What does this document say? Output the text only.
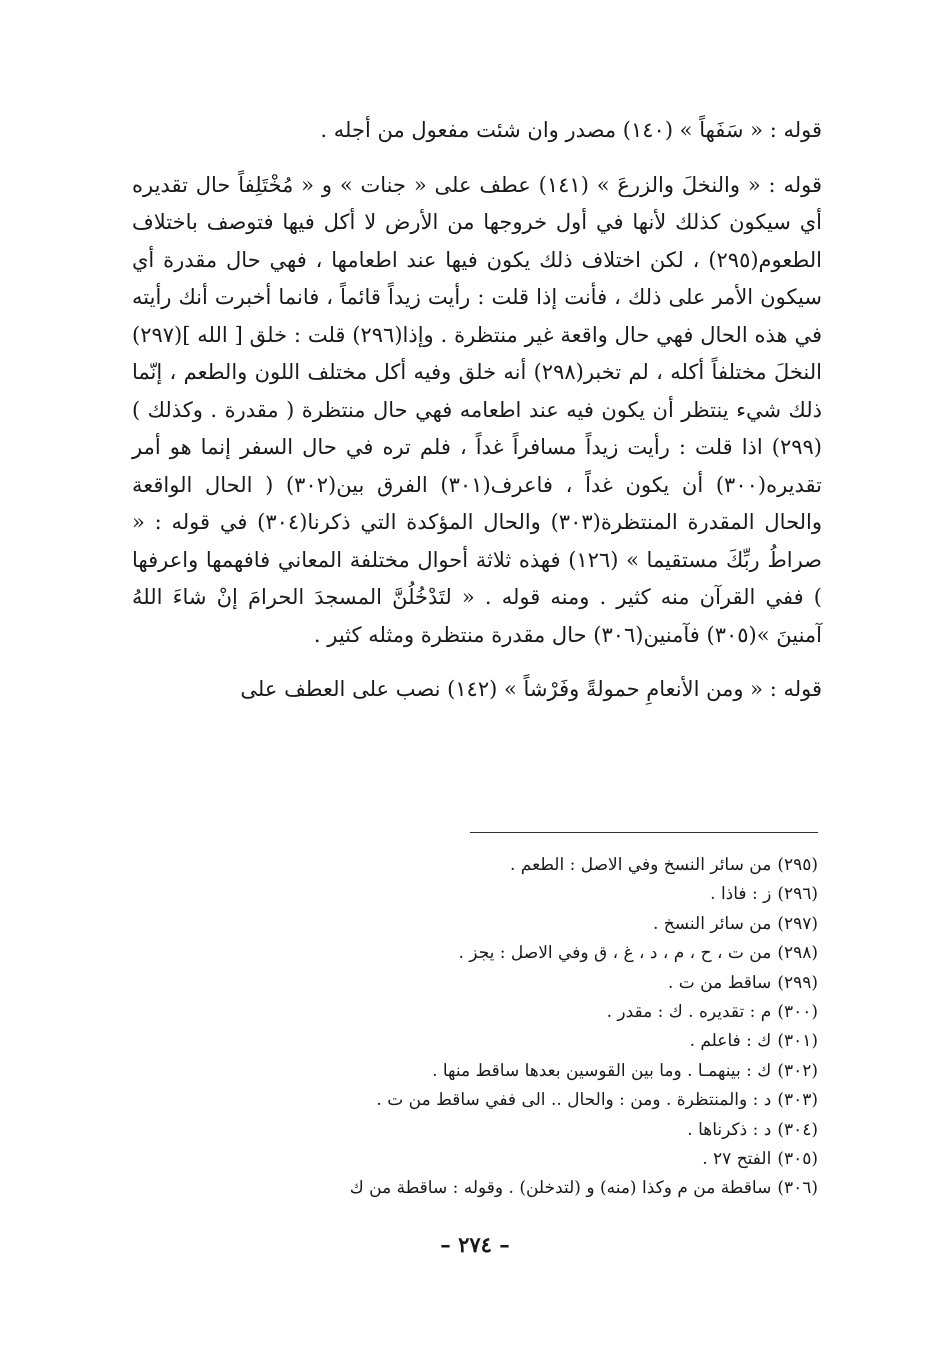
قوله : « سَفَهاً » (١٤٠) مصدر وان شئت مفعول من أجله .

قوله : « والنخلَ والزرعَ » (١٤١) عطف على « جنات » و « مُخْتَلِفاً حال تقديره أي سيكون كذلك لأنها في أول خروجها من الأرض لا أكل فيها فتوصف باختلاف الطعوم(٢٩٥) ، لكن اختلاف ذلك يكون فيها عند اطعامها ، فهي حال مقدرة أي سيكون الأمر على ذلك ، فأنت إذا قلت : رأيت زيداً قائماً ، فانما أخبرت أنك رأيته في هذه الحال فهي حال واقعة غير منتظرة . وإذا(٢٩٦) قلت : خلق [ الله ](٢٩٧) النخلَ مختلفاً أكله ، لم تخبر(٢٩٨) أنه خلق وفيه أكل مختلف اللون والطعم ، إنّما ذلك شيء ينتظر أن يكون فيه عند اطعامه فهي حال منتظرة ( مقدرة . وكذلك )(٢٩٩) اذا قلت : رأيت زيداً مسافراً غداً ، فلم تره في حال السفر إنما هو أمر تقديره(٣٠٠) أن يكون غداً ، فاعرف(٣٠١) الفرق بين(٣٠٢) ( الحال الواقعة والحال المقدرة المنتظرة(٣٠٣) والحال المؤكدة التي ذكرنا(٣٠٤) في قوله : « صراطُ ربِّكَ مستقيما » (١٢٦) فهذه ثلاثة أحوال مختلفة المعاني فافهمها واعرفها ) ففي القرآن منه كثير . ومنه قوله . « لتَدْخُلُنَّ المسجدَ الحرامَ إنْ شاءَ اللهُ آمنينَ »(٣٠٥) فآمنين(٣٠٦) حال مقدرة منتظرة ومثله كثير .

قوله : « ومن الأنعامِ حمولةً وفَرْشاً » (١٤٢) نصب على العطف على

(٢٩٥)من سائر النسخ وفي الاصل : الطعم .
(٢٩٦)ز : فاذا .
(٢٩٧)من سائر النسخ .
(٢٩٨)من ت ، ح ، م ، د ، غ ، ق وفي الاصل : يجز .
(٢٩٩)ساقط من ت .
(٣٠٠)م : تقديره . ك : مقدر .
(٣٠١)ك : فاعلم .
(٣٠٢)ك : بينهمـا . وما بين القوسين بعدها ساقط منها .
(٣٠٣)د : والمنتظرة . ومن : والحال .. الى ففي ساقط من ت .
(٣٠٤)د : ذكرناها .
(٣٠٥)الفتح ٢٧ .
(٣٠٦)ساقطة من م وكذا (منه) و (لتدخلن) . وقوله : ساقطة من ك
– ٢٧٤ –
